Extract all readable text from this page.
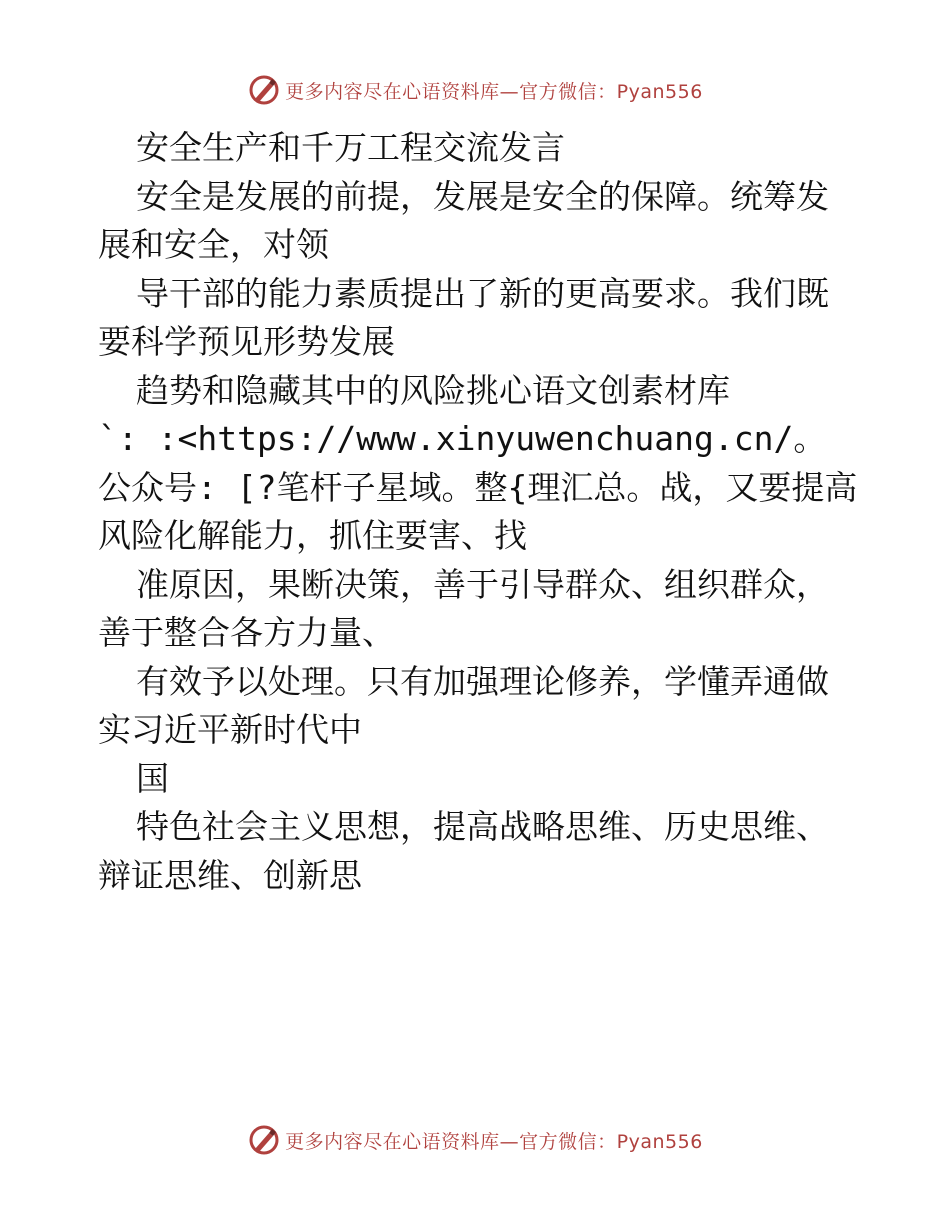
更多内容尽在心语资料库—官方微信：Pyan556

安全生产和千万工程交流发言

安全是发展的前提，发展是安全的保障。统筹发展和安全，对领

导干部的能力素质提出了新的更高要求。我们既要科学预见形势发展

趋势和隐藏其中的风险挑心语文创素材库

`: :<https://www.xinyuwenchuang.cn/。公众号: [?笔杆子星域。整{理汇总。战，又要提高风险化解能力，抓住要害、找

准原因，果断决策，善于引导群众、组织群众，善于整合各方力量、

有效予以处理。只有加强理论修养，学懂弄通做实习近平新时代中

国

特色社会主义思想，提高战略思维、历史思维、辩证思维、创新思

更多内容尽在心语资料库—官方微信：Pyan556
